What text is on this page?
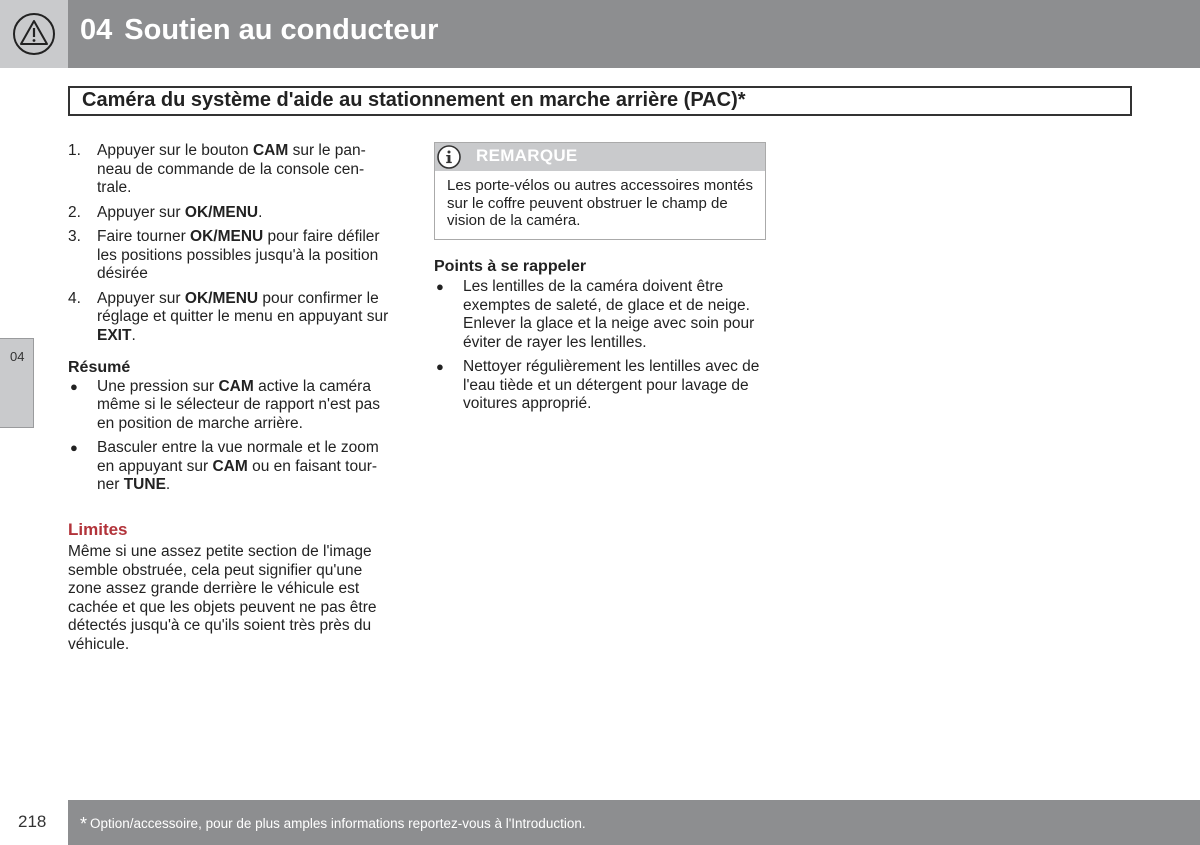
04 Soutien au conducteur
Caméra du système d'aide au stationnement en marche arrière (PAC)*
04
1. Appuyer sur le bouton CAM sur le pan-neau de commande de la console cen-trale.
2. Appuyer sur OK/MENU.
3. Faire tourner OK/MENU pour faire défiler les positions possibles jusqu'à la position désirée
4. Appuyer sur OK/MENU pour confirmer le réglage et quitter le menu en appuyant sur EXIT.
Résumé
● Une pression sur CAM active la caméra même si le sélecteur de rapport n'est pas en position de marche arrière.
● Basculer entre la vue normale et le zoom en appuyant sur CAM ou en faisant tour-ner TUNE.
Limites
Même si une assez petite section de l'image semble obstruée, cela peut signifier qu'une zone assez grande derrière le véhicule est cachée et que les objets peuvent ne pas être détectés jusqu'à ce qu'ils soient très près du véhicule.
REMARQUE
Les porte-vélos ou autres accessoires montés sur le coffre peuvent obstruer le champ de vision de la caméra.
Points à se rappeler
● Les lentilles de la caméra doivent être exemptes de saleté, de glace et de neige. Enlever la glace et la neige avec soin pour éviter de rayer les lentilles.
● Nettoyer régulièrement les lentilles avec de l'eau tiède et un détergent pour lavage de voitures approprié.
218 * Option/accessoire, pour de plus amples informations reportez-vous à l'Introduction.
